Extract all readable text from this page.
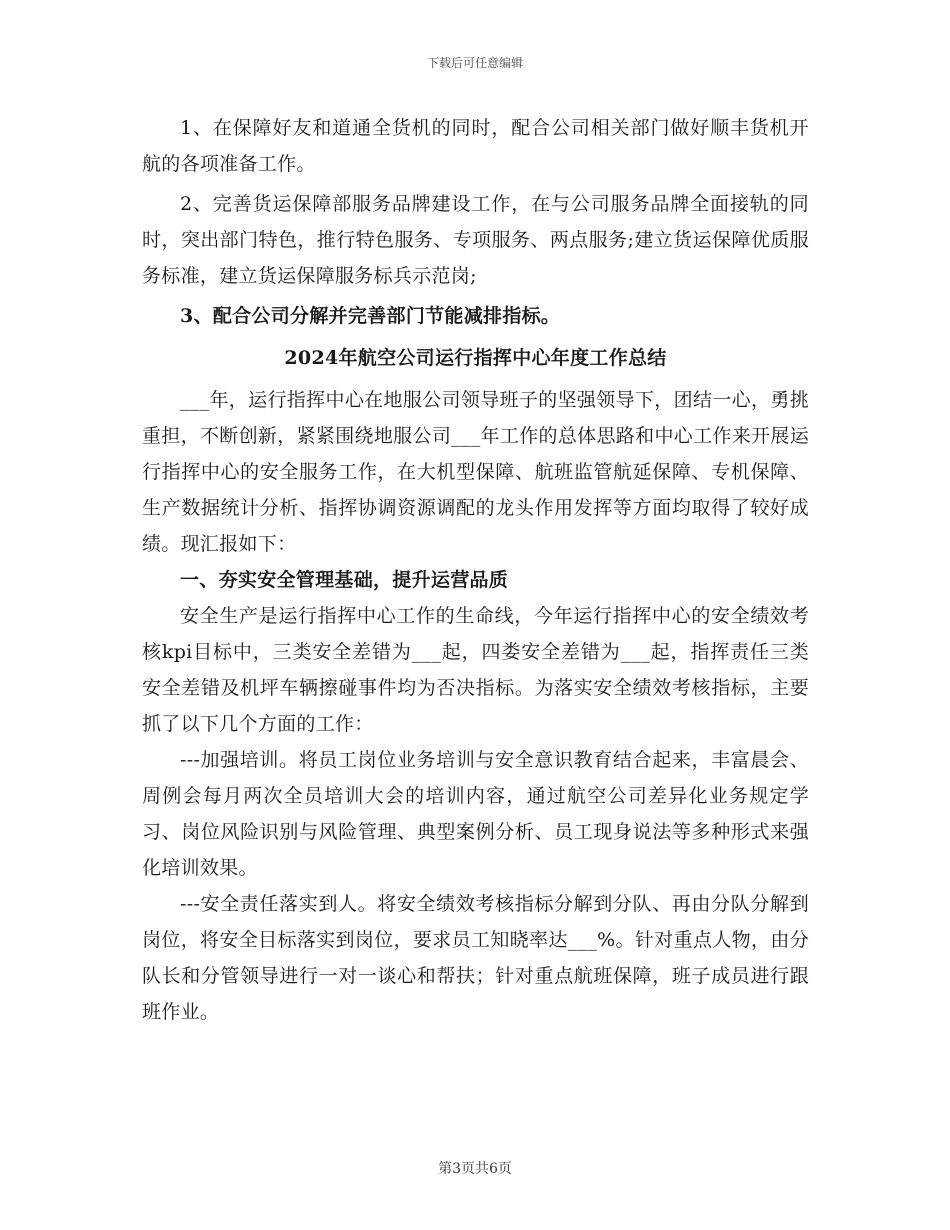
下载后可任意编辑

1、在保障好友和道通全货机的同时，配合公司相关部门做好顺丰货机开航的各项准备工作。

2、完善货运保障部服务品牌建设工作，在与公司服务品牌全面接轨的同时，突出部门特色，推行特色服务、专项服务、两点服务;建立货运保障优质服务标准，建立货运保障服务标兵示范岗;

3、配合公司分解并完善部门节能减排指标。

2024年航空公司运行指挥中心年度工作总结

___年，运行指挥中心在地服公司领导班子的坚强领导下，团结一心，勇挑重担，不断创新，紧紧围绕地服公司___年工作的总体思路和中心工作来开展运行指挥中心的安全服务工作，在大机型保障、航班监管航延保障、专机保障、生产数据统计分析、指挥协调资源调配的龙头作用发挥等方面均取得了较好成绩。现汇报如下：

一、夯实安全管理基础，提升运营品质

安全生产是运行指挥中心工作的生命线，今年运行指挥中心的安全绩效考核kpi目标中，三类安全差错为___起，四娄安全差错为___起，指挥责任三类安全差错及机坪车辆擦碰事件均为否决指标。为落实安全绩效考核指标，主要抓了以下几个方面的工作：

---加强培训。将员工岗位业务培训与安全意识教育结合起来，丰富晨会、周例会每月两次全员培训大会的培训内容，通过航空公司差异化业务规定学习、岗位风险识别与风险管理、典型案例分析、员工现身说法等多种形式来强化培训效果。

---安全责任落实到人。将安全绩效考核指标分解到分队、再由分队分解到岗位，将安全目标落实到岗位，要求员工知晓率达___%。针对重点人物，由分队长和分管领导进行一对一谈心和帮扶；针对重点航班保障，班子成员进行跟班作业。

第3页共6页
